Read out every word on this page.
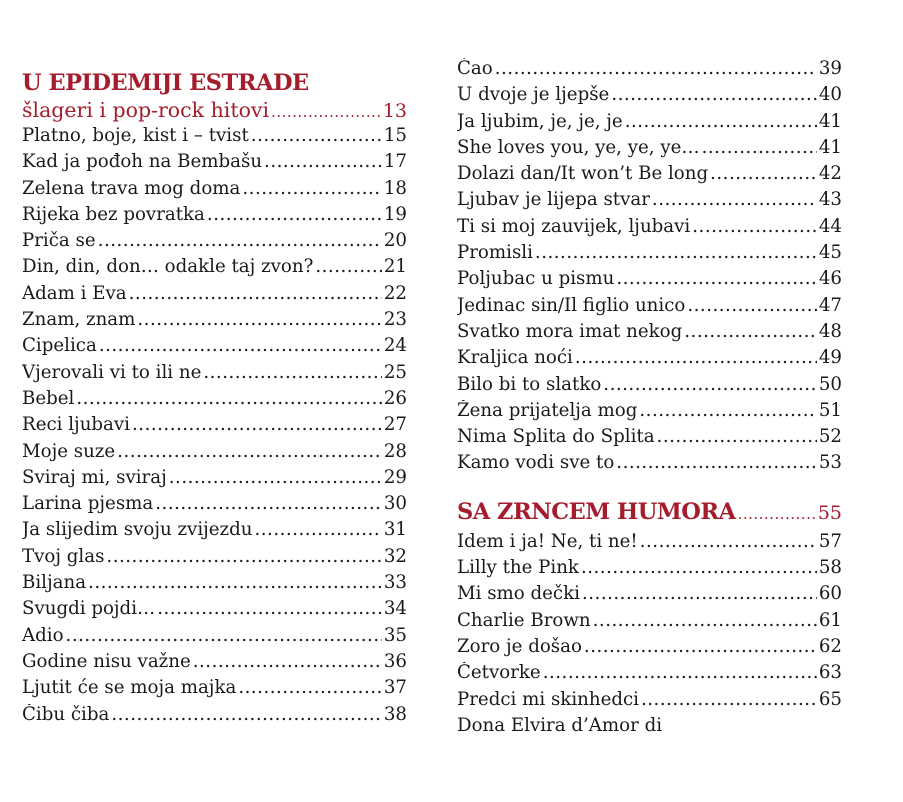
U EPIDEMIJI ESTRADE
šlageri i pop-rock hitovi .....	13
Platno, boje, kist i – tvist .....	15
Kad ja pođoh na Bembašu .....	17
Zelena trava mog doma .....	18
Rijeka bez povratka .....	19
Priča se .....	20
Din, din, don… odakle taj zvon? .....	21
Adam i Eva .....	22
Znam, znam .....	23
Cipelica .....	24
Vjerovali vi to ili ne .....	25
Bebel .....	26
Reci ljubavi .....	27
Moje suze .....	28
Sviraj mi, sviraj .....	29
Larina pjesma .....	30
Ja slijedim svoju zvijezdu .....	31
Tvoj glas .....	32
Biljana .....	33
Svugdi pojdi… .....	34
Adio .....	35
Godine nisu važne .....	36
Ljutit će se moja majka .....	37
Čibu čiba .....	38
Ćao .....	39
U dvoje je ljepše .....	40
Ja ljubim, je, je, je .....	41
She loves you, ye, ye, ye… .....	41
Dolazi dan/It won’t Be long .....	42
Ljubav je lijepa stvar .....	43
Ti si moj zauvijek, ljubavi .....	44
Promisli .....	45
Poljubac u pismu .....	46
Jedinac sin/Il figlio unico .....	47
Svatko mora imat nekog .....	48
Kraljica noći .....	49
Bilo bi to slatko .....	50
Žena prijatelja mog .....	51
Nima Splita do Splita .....	52
Kamo vodi sve to .....	53
SA ZRNCEM HUMORA .....	55
Idem i ja! Ne, ti ne! .....	57
Lilly the Pink .....	58
Mi smo dečki .....	60
Charlie Brown .....	61
Zoro je došao .....	62
Četvorke .....	63
Predci mi skinhedci .....	65
Dona Elvira d’Amor di
